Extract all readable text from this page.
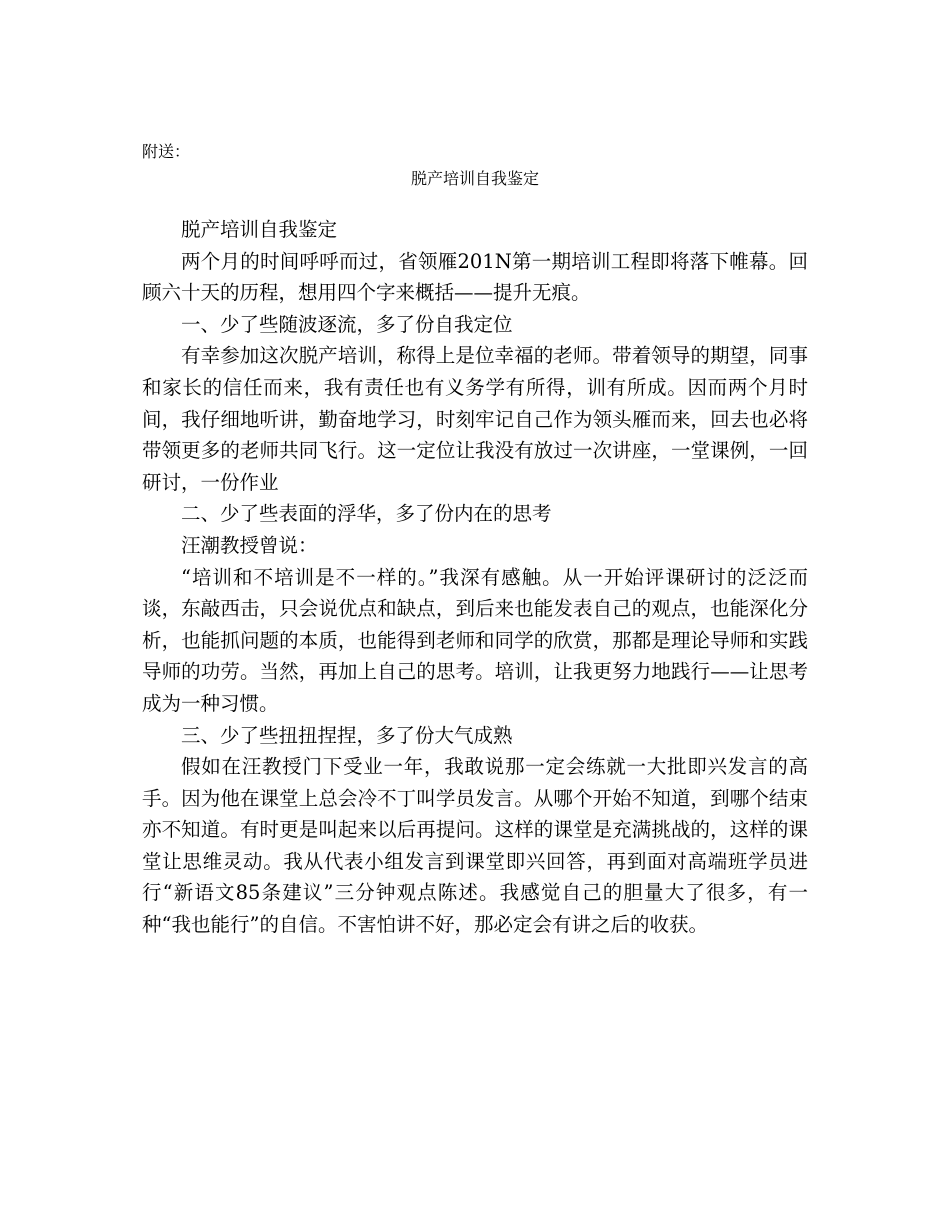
附送：

脱产培训自我鉴定

脱产培训自我鉴定

两个月的时间呼呼而过，省领雁201N第一期培训工程即将落下帷幕。回顾六十天的历程，想用四个字来概括——提升无痕。

一、少了些随波逐流，多了份自我定位

有幸参加这次脱产培训，称得上是位幸福的老师。带着领导的期望，同事和家长的信任而来，我有责任也有义务学有所得，训有所成。因而两个月时间，我仔细地听讲，勤奋地学习，时刻牢记自己作为领头雁而来，回去也必将带领更多的老师共同飞行。这一定位让我没有放过一次讲座，一堂课例，一回研讨，一份作业

二、少了些表面的浮华，多了份内在的思考

汪潮教授曾说：

“培训和不培训是不一样的。”我深有感触。从一开始评课研讨的泛泛而谈，东敲西击，只会说优点和缺点，到后来也能发表自己的观点，也能深化分析，也能抓问题的本质，也能得到老师和同学的欣赏，那都是理论导师和实践导师的功劳。当然，再加上自己的思考。培训，让我更努力地践行——让思考成为一种习惯。

三、少了些扭扭捏捏，多了份大气成熟

假如在汪教授门下受业一年，我敢说那一定会练就一大批即兴发言的高手。因为他在课堂上总会冷不丁叫学员发言。从哪个开始不知道，到哪个结束亦不知道。有时更是叫起来以后再提问。这样的课堂是充满挑战的，这样的课堂让思维灵动。我从代表小组发言到课堂即兴回答，再到面对高端班学员进行“新语文85条建议”三分钟观点陈述。我感觉自己的胆量大了很多，有一种“我也能行”的自信。不害怕讲不好，那必定会有讲之后的收获。
